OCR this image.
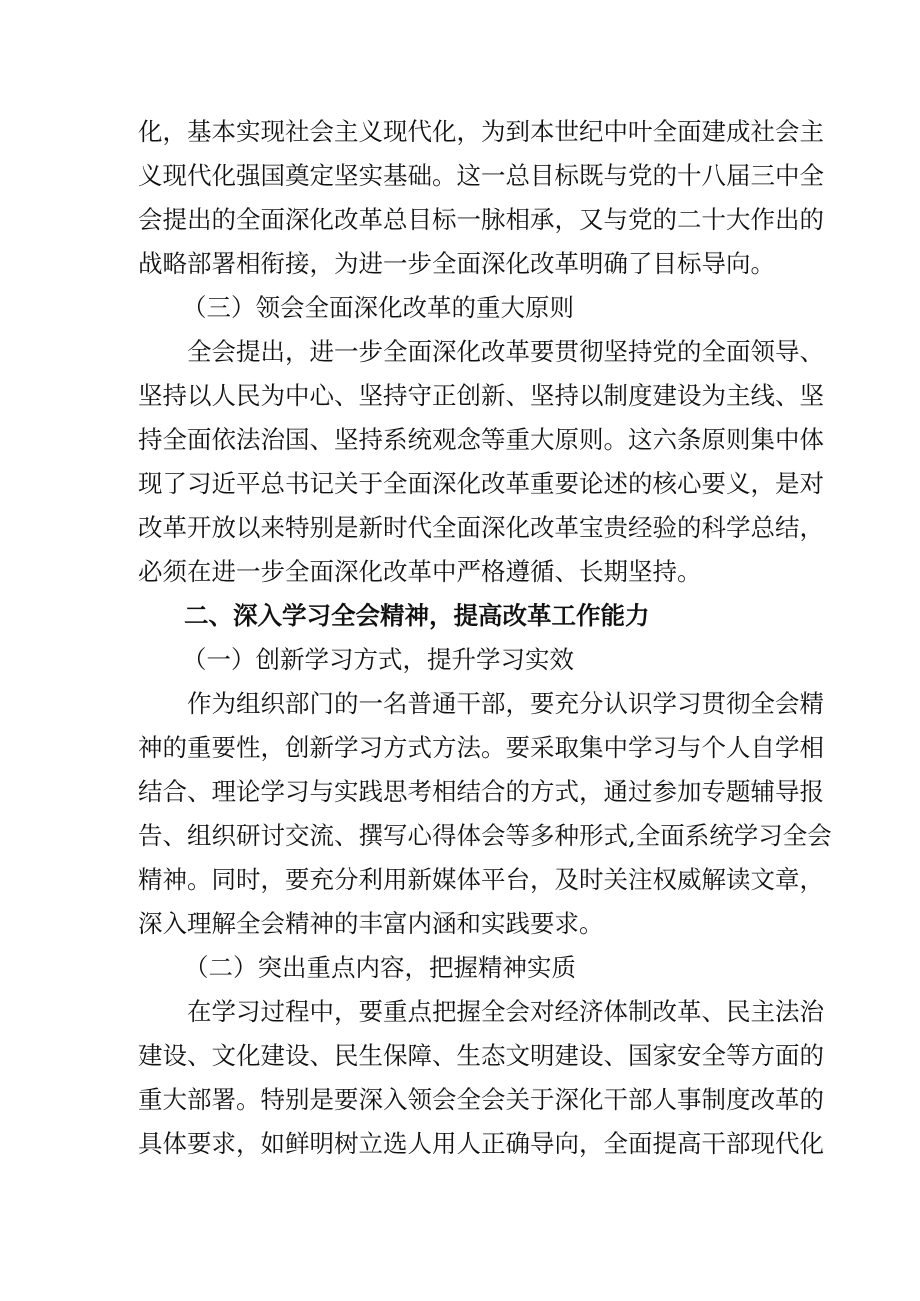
化，基本实现社会主义现代化，为到本世纪中叶全面建成社会主
义现代化强国奠定坚实基础。这一总目标既与党的十八届三中全
会提出的全面深化改革总目标一脉相承，又与党的二十大作出的
战略部署相衔接，为进一步全面深化改革明确了目标导向。
（三）领会全面深化改革的重大原则
全会提出，进一步全面深化改革要贯彻坚持党的全面领导、
坚持以人民为中心、坚持守正创新、坚持以制度建设为主线、坚
持全面依法治国、坚持系统观念等重大原则。这六条原则集中体
现了习近平总书记关于全面深化改革重要论述的核心要义，是对
改革开放以来特别是新时代全面深化改革宝贵经验的科学总结，
必须在进一步全面深化改革中严格遵循、长期坚持。
二、深入学习全会精神，提高改革工作能力
（一）创新学习方式，提升学习实效
作为组织部门的一名普通干部，要充分认识学习贯彻全会精
神的重要性，创新学习方式方法。要采取集中学习与个人自学相
结合、理论学习与实践思考相结合的方式，通过参加专题辅导报
告、组织研讨交流、撰写心得体会等多种形式,全面系统学习全会
精神。同时，要充分利用新媒体平台，及时关注权威解读文章，
深入理解全会精神的丰富内涵和实践要求。
（二）突出重点内容，把握精神实质
在学习过程中，要重点把握全会对经济体制改革、民主法治
建设、文化建设、民生保障、生态文明建设、国家安全等方面的
重大部署。特别是要深入领会全会关于深化干部人事制度改革的
具体要求，如鲜明树立选人用人正确导向，全面提高干部现代化
